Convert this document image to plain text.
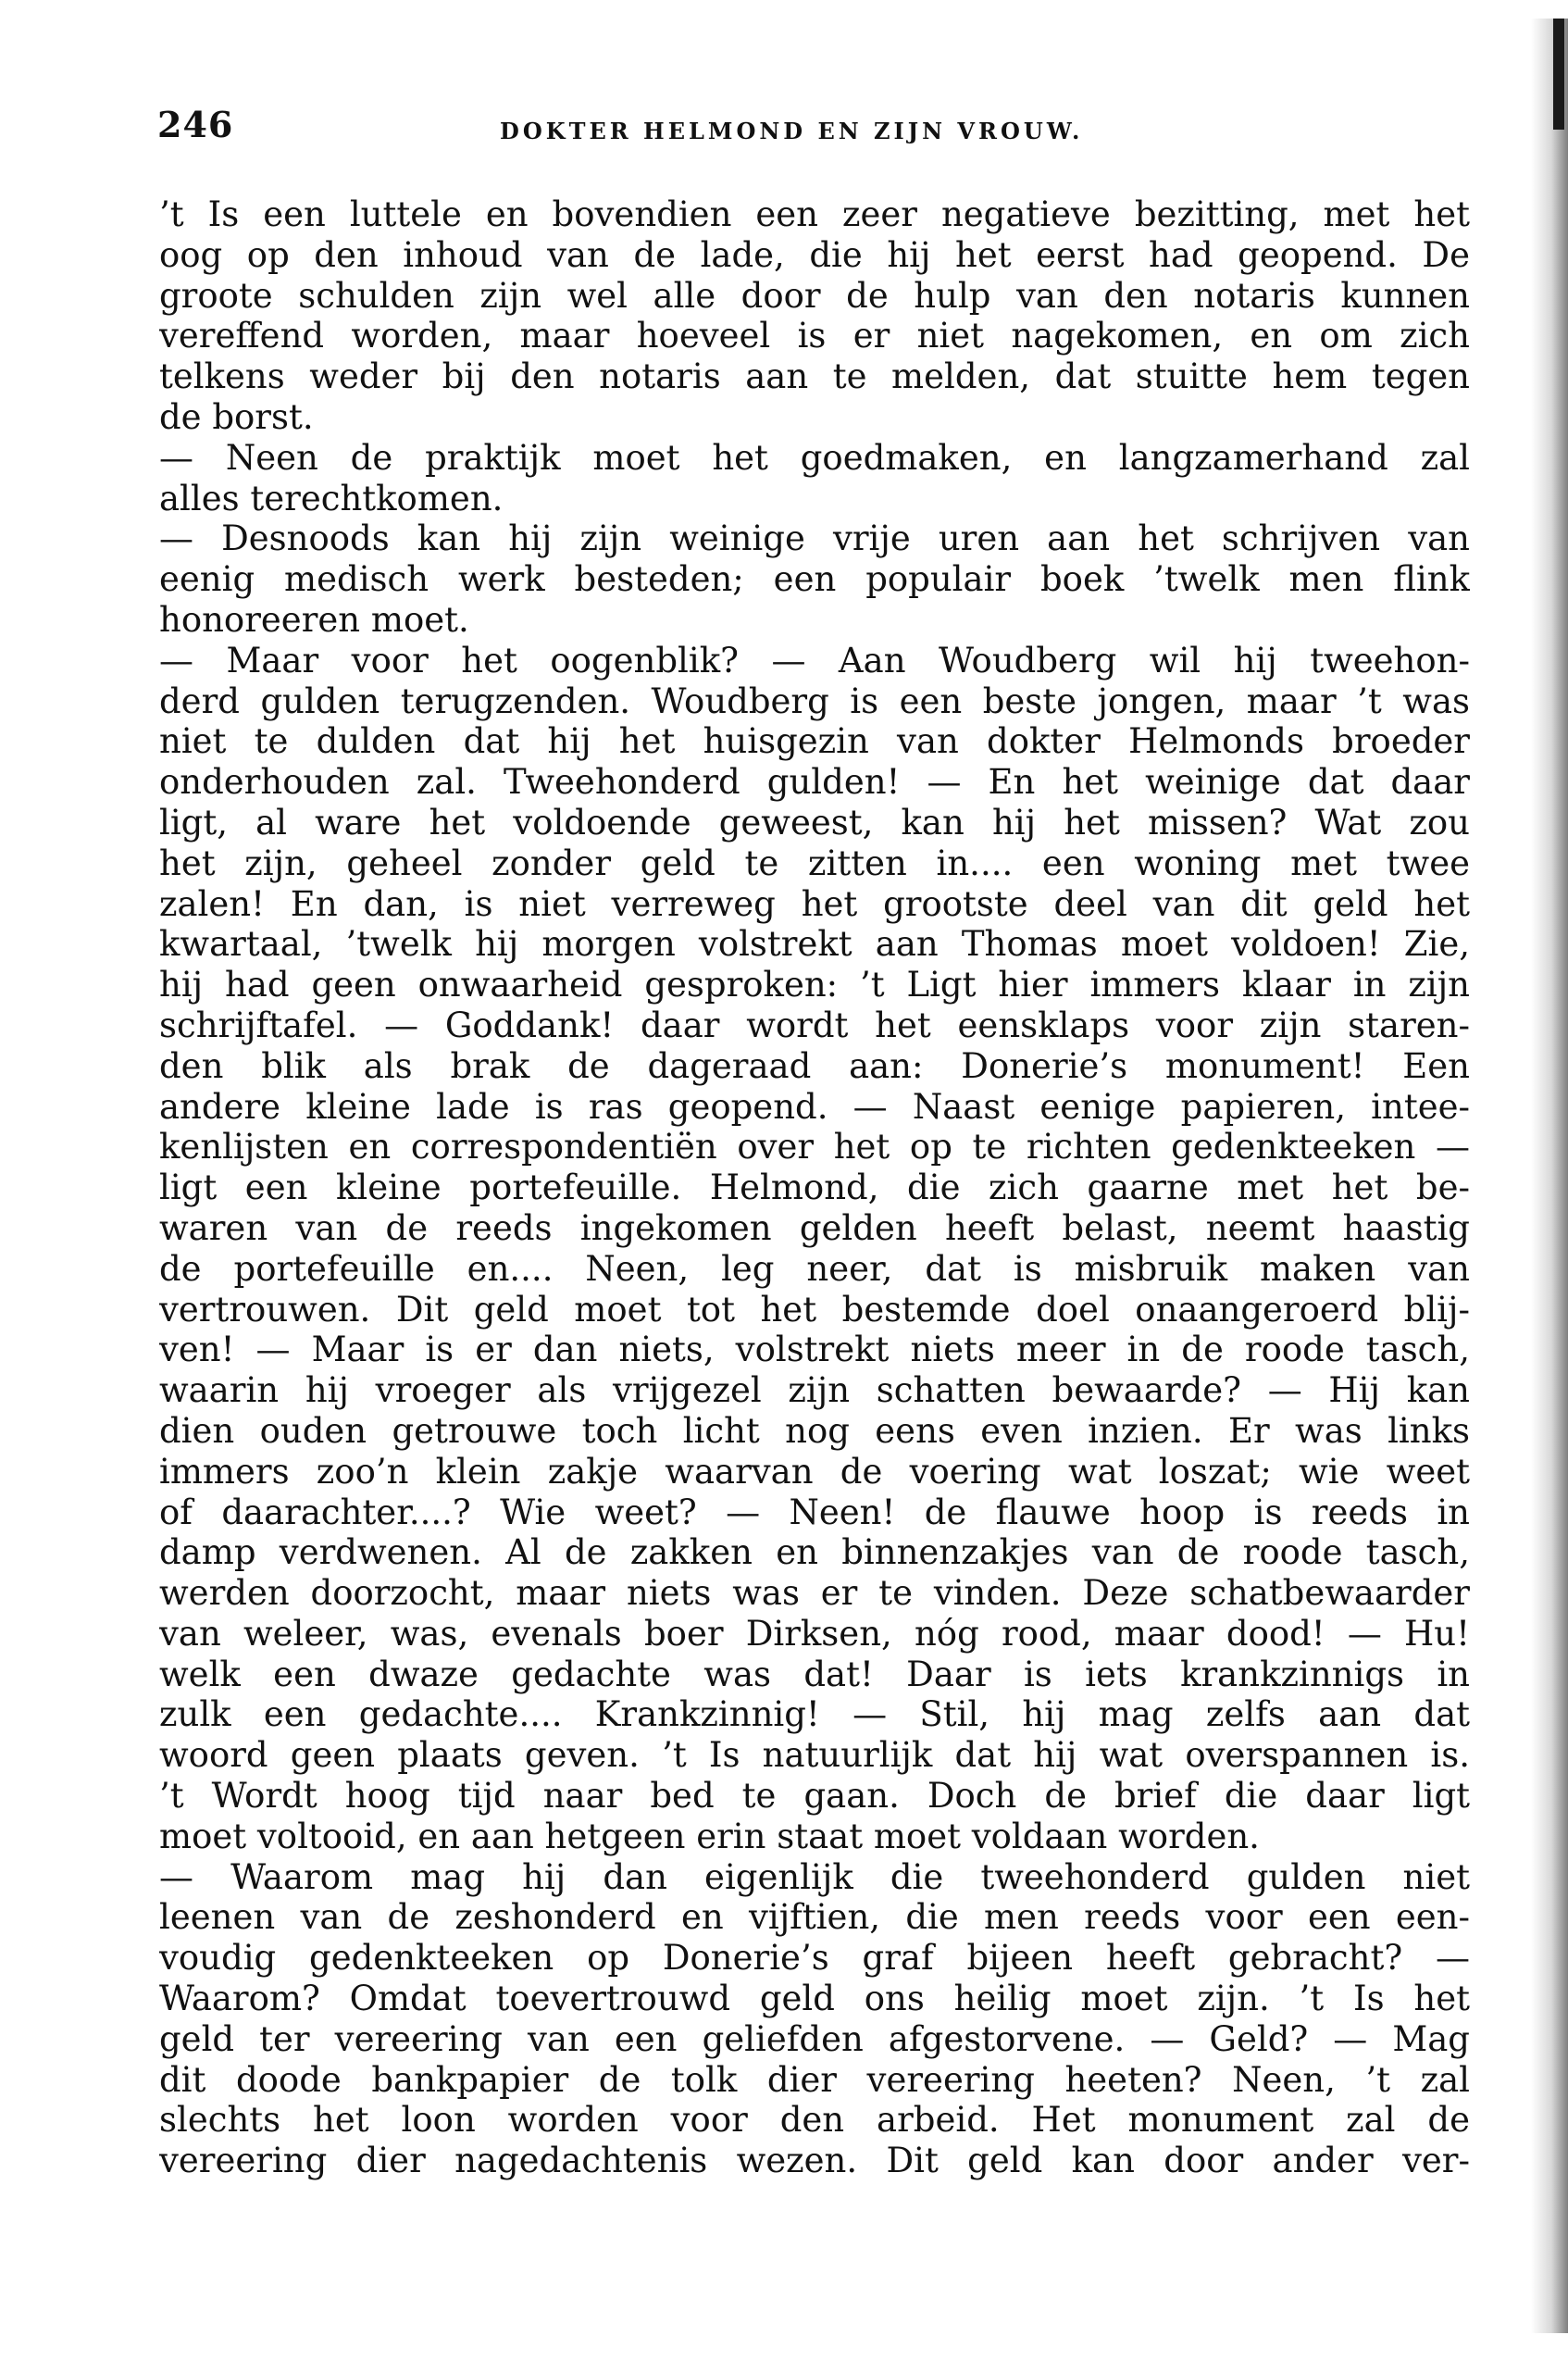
246	DOKTER HELMOND EN ZIJN VROUW.
’t Is een luttele en bovendien een zeer negatieve bezitting, met het
oog op den inhoud van de lade, die hij het eerst had geopend. De
groote schulden zijn wel alle door de hulp van den notaris kunnen
vereffend worden, maar hoeveel is er niet nagekomen, en om zich
telkens weder bij den notaris aan te melden, dat stuitte hem tegen
de borst.
— Neen de praktijk moet het goedmaken, en langzamerhand zal
alles terechtkomen.
— Desnoods kan hij zijn weinige vrije uren aan het schrijven van
eenig medisch werk besteden; een populair boek ’twelk men flink
honoreeren moet.
— Maar voor het oogenblik? — Aan Woudberg wil hij tweehon-
derd gulden terugzenden. Woudberg is een beste jongen, maar ’t was
niet te dulden dat hij het huisgezin van dokter Helmonds broeder
onderhouden zal. Tweehonderd gulden! — En het weinige dat daar
ligt, al ware het voldoende geweest, kan hij het missen? Wat zou
het zijn, geheel zonder geld te zitten in.... een woning met twee
zalen! En dan, is niet verreweg het grootste deel van dit geld het
kwartaal, ’twelk hij morgen volstrekt aan Thomas moet voldoen! Zie,
hij had geen onwaarheid gesproken: ’t Ligt hier immers klaar in zijn
schrijftafel. — Goddank! daar wordt het eensklaps voor zijn staren-
den blik als brak de dageraad aan: Donerie’s monument! Een
andere kleine lade is ras geopend. — Naast eenige papieren, intee-
kenlijsten en correspondentiën over het op te richten gedenkteeken —
ligt een kleine portefeuille. Helmond, die zich gaarne met het be-
waren van de reeds ingekomen gelden heeft belast, neemt haastig
de portefeuille en.... Neen, leg neer, dat is misbruik maken van
vertrouwen. Dit geld moet tot het bestemde doel onaangeroerd blij-
ven! — Maar is er dan niets, volstrekt niets meer in de roode tasch,
waarin hij vroeger als vrijgezel zijn schatten bewaarde? — Hij kan
dien ouden getrouwe toch licht nog eens even inzien. Er was links
immers zoo’n klein zakje waarvan de voering wat loszat; wie weet
of daarachter....? Wie weet? — Neen! de flauwe hoop is reeds in
damp verdwenen. Al de zakken en binnenzakjes van de roode tasch,
werden doorzocht, maar niets was er te vinden. Deze schatbewaarder
van weleer, was, evenals boer Dirksen, nóg rood, maar dood! — Hu!
welk een dwaze gedachte was dat! Daar is iets krankzinnigs in
zulk een gedachte.... Krankzinnig! — Stil, hij mag zelfs aan dat
woord geen plaats geven. ’t Is natuurlijk dat hij wat overspannen is.
’t Wordt hoog tijd naar bed te gaan. Doch de brief die daar ligt
moet voltooid, en aan hetgeen erin staat moet voldaan worden.
— Waarom mag hij dan eigenlijk die tweehonderd gulden niet
leenen van de zeshonderd en vijftien, die men reeds voor een een-
voudig gedenkteeken op Donerie’s graf bijeen heeft gebracht? —
Waarom? Omdat toevertrouwd geld ons heilig moet zijn. ’t Is het
geld ter vereering van een geliefden afgestorvene. — Geld? — Mag
dit doode bankpapier de tolk dier vereering heeten? Neen, ’t zal
slechts het loon worden voor den arbeid. Het monument zal de
vereering dier nagedachtenis wezen. Dit geld kan door ander ver-
